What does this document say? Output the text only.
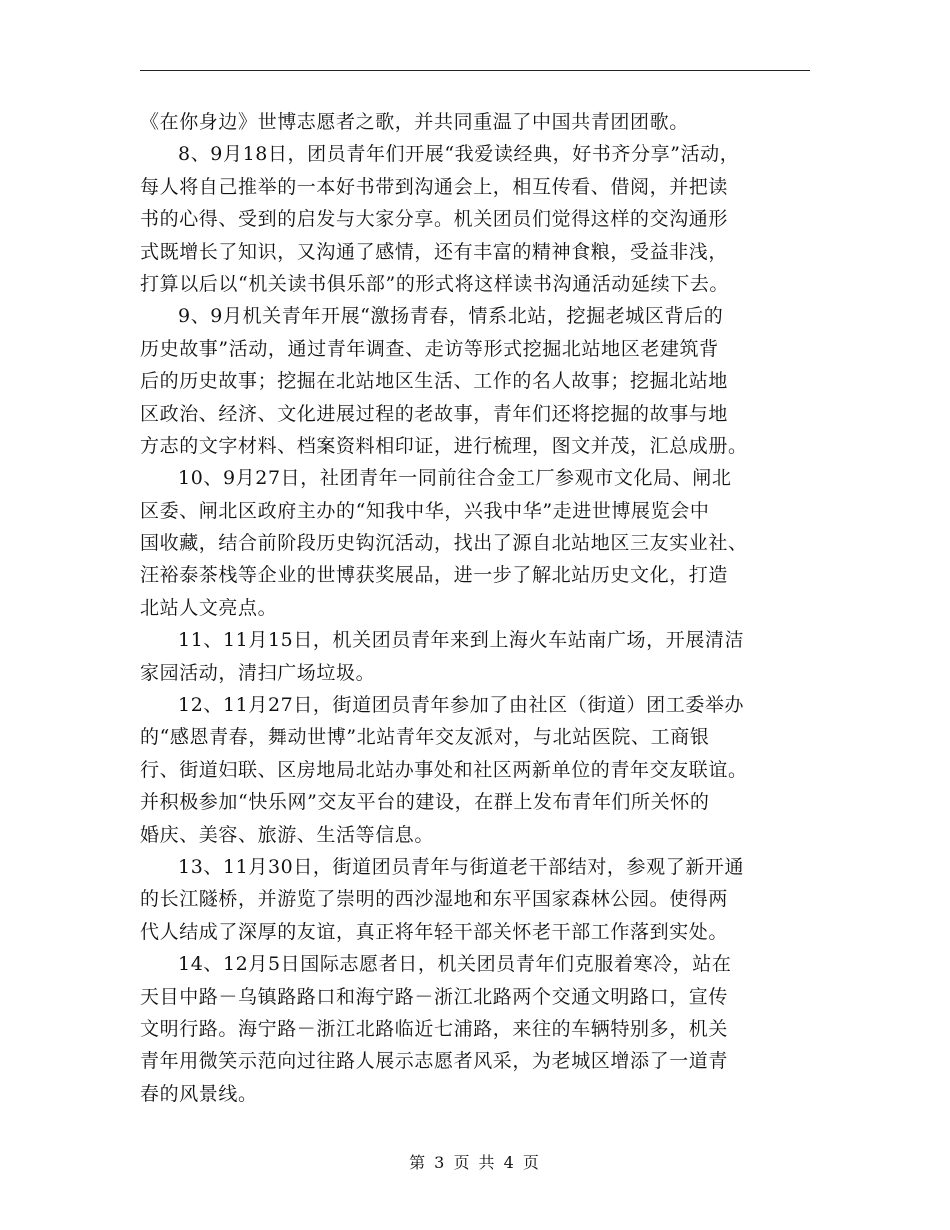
《在你身边》世博志愿者之歌，并共同重温了中国共青团团歌。
8、9月18日，团员青年们开展“我爱读经典，好书齐分享”活动，
每人将自己推举的一本好书带到沟通会上，相互传看、借阅，并把读
书的心得、受到的启发与大家分享。机关团员们觉得这样的交沟通形
式既增长了知识，又沟通了感情，还有丰富的精神食粮，受益非浅，
打算以后以“机关读书俱乐部”的形式将这样读书沟通活动延续下去。
9、9月机关青年开展“激扬青春，情系北站，挖掘老城区背后的
历史故事”活动，通过青年调查、走访等形式挖掘北站地区老建筑背
后的历史故事；挖掘在北站地区生活、工作的名人故事；挖掘北站地
区政治、经济、文化进展过程的老故事，青年们还将挖掘的故事与地
方志的文字材料、档案资料相印证，进行梳理，图文并茂，汇总成册。
10、9月27日，社团青年一同前往合金工厂参观市文化局、闸北
区委、闸北区政府主办的“知我中华，兴我中华”走进世博展览会中
国收藏，结合前阶段历史钩沉活动，找出了源自北站地区三友实业社、
汪裕泰茶栈等企业的世博获奖展品，进一步了解北站历史文化，打造
北站人文亮点。
11、11月15日，机关团员青年来到上海火车站南广场，开展清洁
家园活动，清扫广场垃圾。
12、11月27日，街道团员青年参加了由社区（街道）团工委举办
的“感恩青春，舞动世博”北站青年交友派对，与北站医院、工商银
行、街道妇联、区房地局北站办事处和社区两新单位的青年交友联谊。
并积极参加“快乐网”交友平台的建设，在群上发布青年们所关怀的
婚庆、美容、旅游、生活等信息。
13、11月30日，街道团员青年与街道老干部结对，参观了新开通
的长江隧桥，并游览了崇明的西沙湿地和东平国家森林公园。使得两
代人结成了深厚的友谊，真正将年轻干部关怀老干部工作落到实处。
14、12月5日国际志愿者日，机关团员青年们克服着寒冷，站在
天目中路－乌镇路路口和海宁路－浙江北路两个交通文明路口，宣传
文明行路。海宁路－浙江北路临近七浦路，来往的车辆特别多，机关
青年用微笑示范向过往路人展示志愿者风采，为老城区增添了一道青
春的风景线。
第 3 页 共 4 页
